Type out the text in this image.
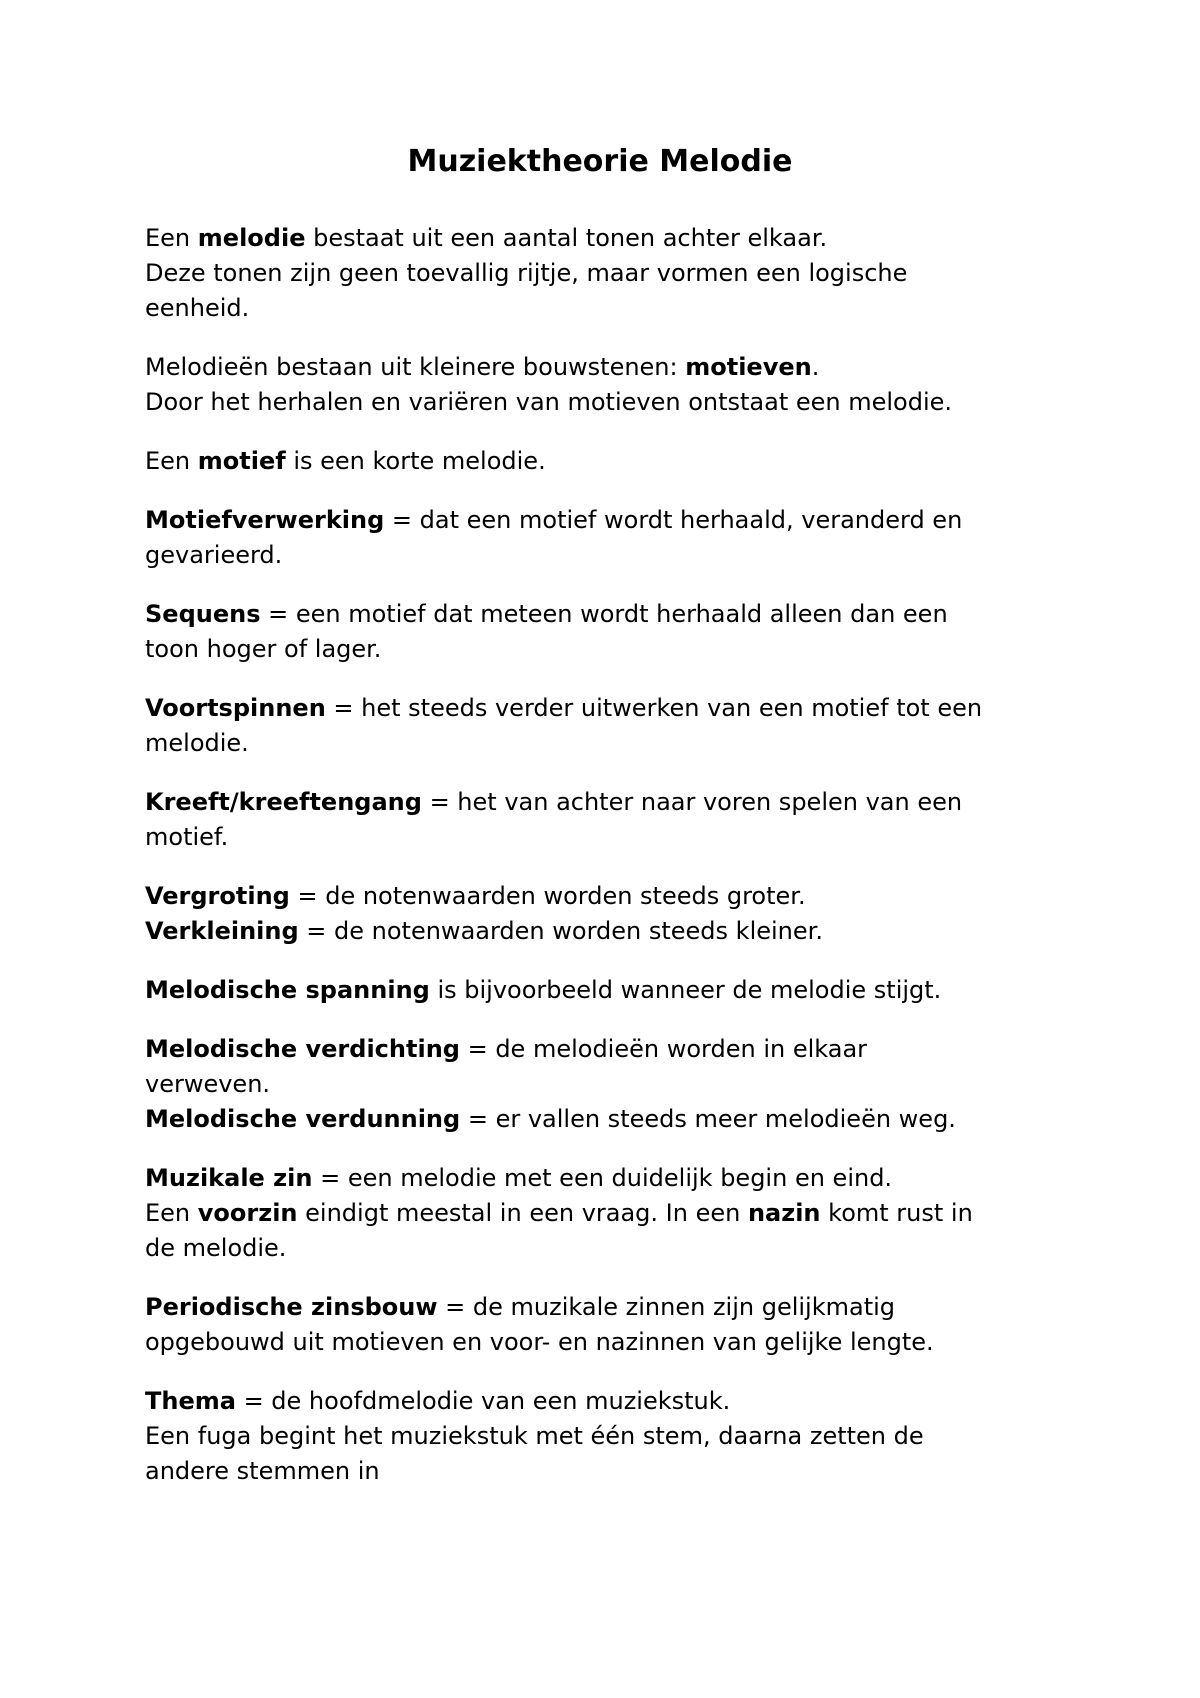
Muziektheorie Melodie
Een melodie bestaat uit een aantal tonen achter elkaar.
Deze tonen zijn geen toevallig rijtje, maar vormen een logische
eenheid.
Melodieën bestaan uit kleinere bouwstenen: motieven.
Door het herhalen en variëren van motieven ontstaat een melodie.
Een motief is een korte melodie.
Motiefverwerking = dat een motief wordt herhaald, veranderd en
gevarieerd.
Sequens = een motief dat meteen wordt herhaald alleen dan een
toon hoger of lager.
Voortspinnen = het steeds verder uitwerken van een motief tot een
melodie.
Kreeft/kreeftengang = het van achter naar voren spelen van een
motief.
Vergroting = de notenwaarden worden steeds groter.
Verkleining = de notenwaarden worden steeds kleiner.
Melodische spanning is bijvoorbeeld wanneer de melodie stijgt.
Melodische verdichting = de melodieën worden in elkaar
verweven.
Melodische verdunning = er vallen steeds meer melodieën weg.
Muzikale zin = een melodie met een duidelijk begin en eind.
Een voorzin eindigt meestal in een vraag. In een nazin komt rust in
de melodie.
Periodische zinsbouw = de muzikale zinnen zijn gelijkmatig
opgebouwd uit motieven en voor- en nazinnen van gelijke lengte.
Thema = de hoofdmelodie van een muziekstuk.
Een fuga begint het muziekstuk met één stem, daarna zetten de
andere stemmen in
